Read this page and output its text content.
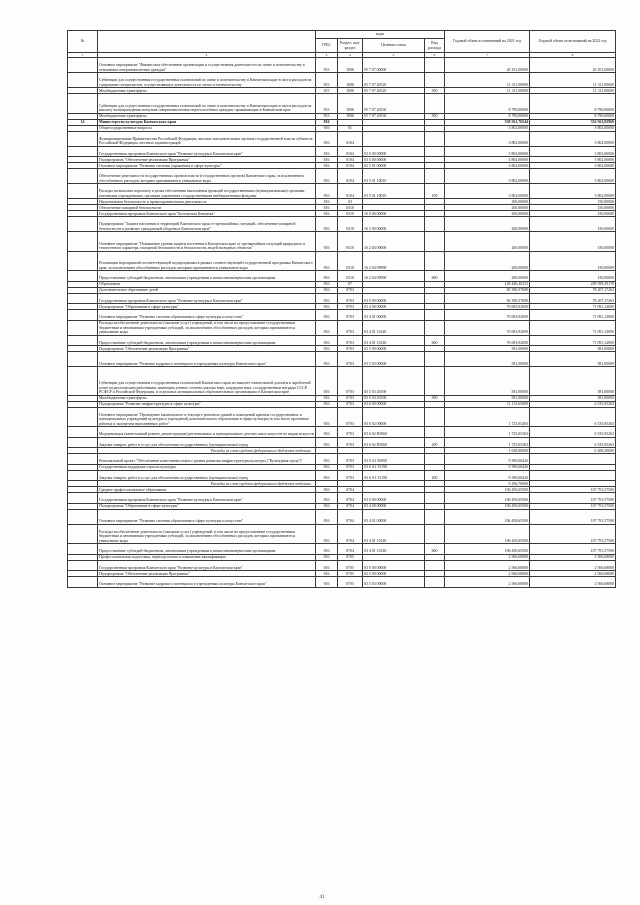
№		коды				Годовой объем ассигнований на 2021 год	Годовой объем ассигнований на 2022 год
		ГРБС	Раздел, под-раздел	Целевая статья	Вид расхода		
1	2	3	4	5	6	7	8
	Основное мероприятие "Финансовое обеспечение организации и осуществления деятельности по опеке и попечительству в отношении совершеннолетних граждан"	815	1006	05 7 07 00000		20 101,00000	20 101,00000
	Субвенции для осуществления государственных полномочий по опеке и попечительству в Камчатском крае в части расходов на содержание специалистов, осуществляющих деятельность по опеке и попечительству	815	1006	05 7 07 40120		11 311,00000	11 311,00000
	Межбюджетные трансферты	815	1006	05 7 07 40120	500	11 311,00000	11 311,00000
	Субвенции для осуществления государственных полномочий по опеке и попечительству в Камчатском крае в части расходов на выплату вознаграждения опекунам совершеннолетних недееспособных граждан, проживающих в Камчатском крае	815	1006	05 7 07 40130		8 790,00000	8 790,00000
	Межбюджетные трансферты	815	1006	05 7 07 40130	500	8 790,00000	8 790,00000
14	Министерство культуры Камчатского края	816				330 561,76544	352 561,82969
	Общегосударственные вопросы	816	01			3 802,00000	3 802,00000
	Функционирование Правительства Российской Федерации, высших исполнительных органов государственной власти субъектов Российской Федерации, местных администраций	816	0104			3 802,00000	3 802,00000
	Государственная программа Камчатского края "Развитие культуры в Камчатском крае"	816	0104	03 0 00 00000		3 802,00000	3 802,00000
	Подпрограмма "Обеспечение реализации Программы"	816	0104	03 5 00 00000		3 802,00000	3 802,00000
	Основное мероприятие "Развитие системы управления в сфере культуры"	816	0104	03 5 01 00000		3 802,00000	3 802,00000
	Обеспечение деятельности государственных органов власти (государственных органов) Камчатского края, за исключением обособленных расходов, которым присваиваются уникальные коды	816	0104	03 5 01 10010		3 802,00000	3 802,00000
	Расходы на выплаты персоналу в целях обеспечения выполнения функций государственными (муниципальными) органами, казенными учреждениями, органами управления государственными внебюджетными фондами	816	0104	03 5 01 10010	100	3 802,00000	3 802,00000
	Национальная безопасность и правоохранительная деятельность	816	03			200,00000	150,00000
	Обеспечение пожарной безопасности	816	0310			200,00000	150,00000
	Государственная программа Камчатского края "Безопасная Камчатка"	816	0310	16 0 00 00000		200,00000	150,00000
	Подпрограмма "Защита населения и территорий Камчатского края от чрезвычайных ситуаций, обеспечение пожарной безопасности и развитие гражданской обороны в Камчатском крае"	816	0310	16 2 00 00000		200,00000	150,00000
	Основное мероприятие "Повышение уровня защиты населения в Камчатском крае от чрезвычайных ситуаций природного и техногенного характера, пожарной безопасности и безопасности людей на водных объектах"	816	0310	16 2 04 00000		200,00000	150,00000
	Реализация мероприятий соответствующей подпрограммы в рамках соответствующей государственной программы Камчатского края, за исключением обособленных расходов, которым присваиваются уникальные коды	816	0310	16 2 04 09990		200,00000	150,00000
	Предоставление субсидий бюджетным, автономным учреждениям и иным некоммерческим организациям	816	0310	16 2 04 09990	600	200,00000	150,00000
	Образование	816	07			128 440,40253	209 599,39170
	Дополнительное образование детей	816	0703			82 390,57689	78 207,17263
	Государственная программа Камчатского края "Развитие культуры в Камчатском крае"	816	0703	03 0 00 00000		82 390,57689	78 207,17263
	Подпрограмма "Образование в сфере культуры"	816	0703	03 4 00 00000		70 693,92000	71 091,12000
	Основное мероприятие "Развитие системы образования в сфере культуры и искусства"	816	0703	03 4 01 00000		70 693,92000	71 091,12000
	Расходы на обеспечение деятельности (оказание услуг) учреждений, в том числе на предоставление государственным бюджетным и автономным учреждениям субсидий, за исключением обособленных расходов, которым присваиваются уникальные коды	816	0703	03 4 01 10140		70 693,92000	71 091,12000
	Предоставление субсидий бюджетным, автономным учреждениям и иным некоммерческим организациям	816	0703	03 4 01 10140	600	70 693,92000	71 091,12000
	Подпрограмма "Обеспечение реализации Программы"	816	0703	03 5 00 00000		581,00000	581,00000
	Основное мероприятие "Развитие кадрового потенциала в учреждениях культуры Камчатского края"	816	0703	03 5 03 00000		581,00000	581,00000
	Субвенции для осуществления государственных полномочий Камчатского края по выплате ежемесячной доплаты к заработной плате педагогическим работникам, имеющим ученые степени доктора наук, кандидата наук, государственные награды СССР, РСФСР и Российской Федерации, в отдельных муниципальных образовательных организациях в Камчатском крае	816	0703	03 5 03 40190		581,00000	581,00000
	Межбюджетные трансферты	816	0703	03 5 03 40190	500	581,00000	581,00000
	Подпрограмма "Развитие инфраструктуры в сфере культуры"	816	0703	03 6 00 00000		11 115,65689	6 535,05263
	Основное мероприятие "Проведение капитального и текущего ремонтов зданий и помещений краевых государственных и муниципальных учреждений культуры и учреждений дополнительного образования в сфере культуры (в том числе проектные работы) и экспертиза выполненных работ"	816	0703	03 6 02 00000		1 725,05263	6 535,05263
	Модернизация (капитальный ремонт, реконструкция) региональных и муниципальных детских школ искусств по видам искусств	816	0703	03 6 02 R3060		1 725,05263	6 535,05263
	Закупка товаров, работ и услуг для обеспечения государственных (муниципальных) нужд	816	0703	03 6 02 R3060	200	1 725,05263	6 535,05263
	Расходы за счет средств федерального бюджета отдельно					1 638,80000	6 208,30000
	Региональный проект "Обеспечение качественно нового уровня развития инфраструктуры культуры ("Культурная среда")"	816	0703	03 6 A1 00000		9 390,60426	
	Государственная поддержка отрасли культуры	816	0703	03 6 A1 55190		9 390,60426	
	Закупка товаров, работ и услуг для обеспечения государственных (муниципальных) нужд	816	0703	03 6 A1 55190	200	9 390,60426	
	Расходы за счет средств федерального бюджета отдельно					9 296,70000	
	Среднее профессиональное образование	816	0704			106 450,65500	107 791,57500
	Государственная программа Камчатского края "Развитие культуры в Камчатском крае"	816	0704	03 0 00 00000		106 450,65500	107 791,57500
	Подпрограмма "Образование в сфере культуры"	816	0704	03 4 00 00000		106 450,65500	107 791,57500
	Основное мероприятие "Развитие системы образования в сфере культуры и искусства"	816	0704	03 4 01 00000		106 450,65500	107 791,57500
	Расходы на обеспечение деятельности (оказание услуг) учреждений, в том числе на предоставление государственным бюджетным и автономным учреждениям субсидий, за исключением обособленных расходов, которым присваиваются уникальные коды	816	0704	03 4 01 10140		106 450,65500	107 791,57500
	Предоставление субсидий бюджетным, автономным учреждениям и иным некоммерческим организациям	816	0704	03 4 01 10140	600	106 450,65500	107 791,57500
	Профессиональная подготовка, переподготовка и повышение квалификации	816	0705			2 566,68000	2 566,68000
	Государственная программа Камчатского края "Развитие культуры в Камчатском крае"	816	0705	03 0 00 00000		2 566,68000	2 566,68000
	Подпрограмма "Обеспечение реализации Программы"	816	0705	03 5 00 00000		2 566,68000	2 566,68000
	Основное мероприятие "Развитие кадрового потенциала в учреждениях культуры Камчатского края"	816	0705	03 5 03 00000		2 566,68000	2 566,68000
41
